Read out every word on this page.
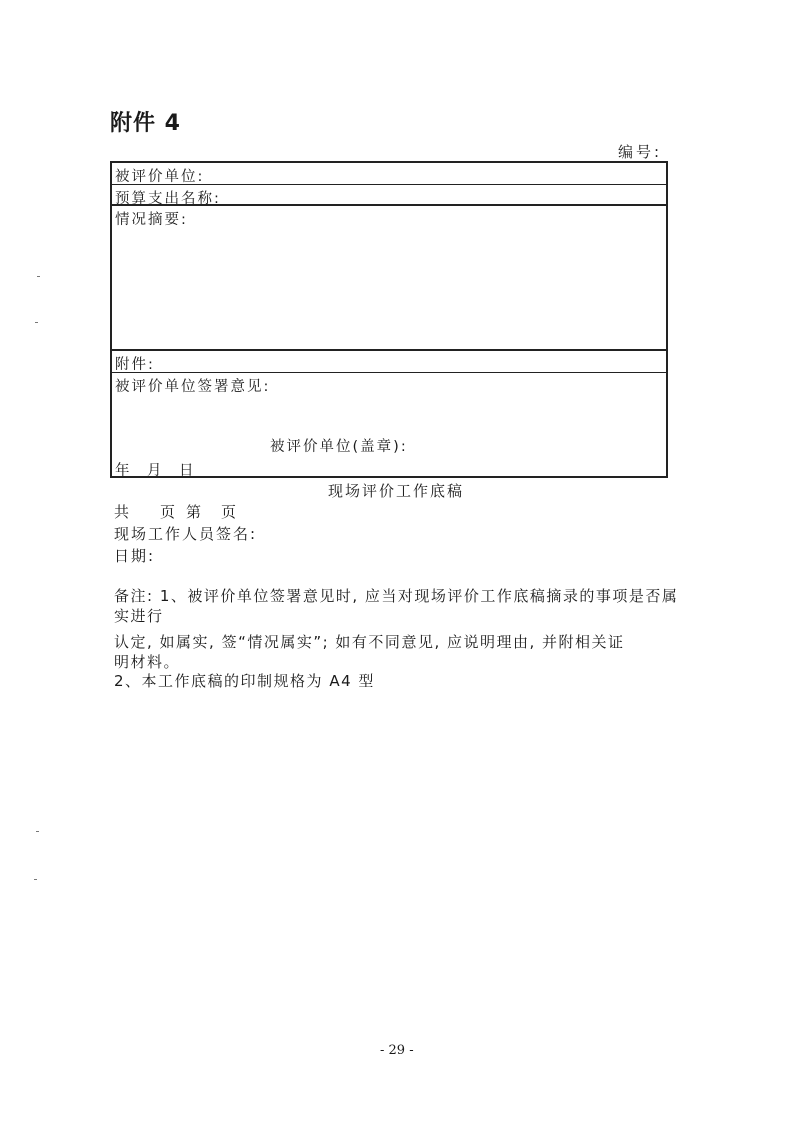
附件 4
编号:
被评价单位:
预算支出名称:
情况摘要:
附件:
被评价单位签署意见:
被评价单位(盖章):
年 月 日
现场评价工作底稿
共 页 第 页
现场工作人员签名:
日期:
备注: 1、被评价单位签署意见时, 应当对现场评价工作底稿摘录的事项是否属
实进行
认定, 如属实, 签“情况属实”; 如有不同意见, 应说明理由, 并附相关证
明材料。
2、本工作底稿的印制规格为 A4 型
- 29 -
